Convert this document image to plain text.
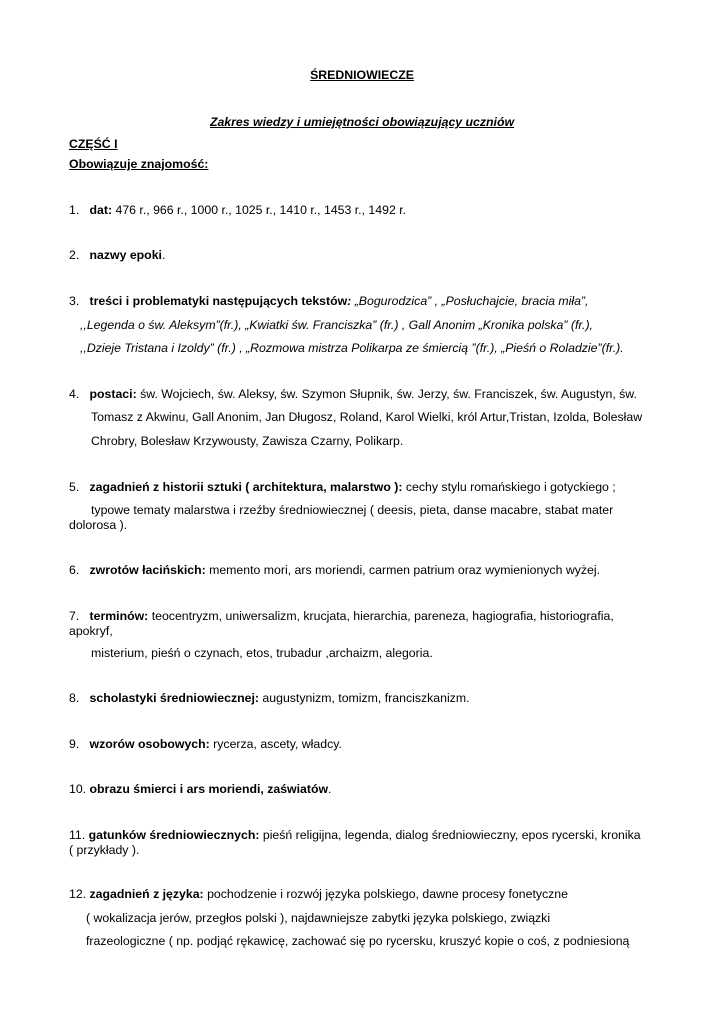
ŚREDNIOWIECZE
Zakres wiedzy i umiejętności obowiązujący uczniów
CZĘŚĆ I
Obowiązuje znajomość:
1. dat: 476 r., 966 r., 1000 r., 1025 r., 1410 r., 1453 r., 1492 r.
2. nazwy epoki.
3. treści i problematyki następujących tekstów: „Bogurodzica” , „Posłuchajcie, bracia miła”,
,,Legenda o św. Aleksym”(fr.), „Kwiatki św. Franciszka” (fr.) , Gall Anonim „Kronika polska” (fr.),
,,Dzieje Tristana i Izoldy” (fr.) , „Rozmowa mistrza Polikarpa ze śmiercią ”(fr.), „Pieśń o Roladzie”(fr.).
4. postaci: św. Wojciech, św. Aleksy, św. Szymon Słupnik, św. Jerzy, św. Franciszek, św. Augustyn, św.
Tomasz z Akwinu, Gall Anonim, Jan Długosz, Roland, Karol Wielki, król Artur,Tristan, Izolda, Bolesław
Chrobry, Bolesław Krzywousty, Zawisza Czarny, Polikarp.
5. zagadnień z historii sztuki ( architektura, malarstwo ): cechy stylu romańskiego i gotyckiego ;
typowe tematy malarstwa i rzeźby średniowiecznej ( deesis, pieta, danse macabre, stabat mater
dolorosa ).
6. zwrotów łacińskich: memento mori, ars moriendi, carmen patrium oraz wymienionych wyżej.
7. terminów: teocentryzm, uniwersalizm, krucjata, hierarchia, pareneza, hagiografia, historiografia,
apokryf,
misterium, pieśń o czynach, etos, trubadur ,archaizm, alegoria.
8. scholastyki średniowiecznej: augustynizm, tomizm, franciszkanizm.
9. wzorów osobowych: rycerza, ascety, władcy.
10. obrazu śmierci i ars moriendi, zaświatów.
11. gatunków średniowiecznych: pieśń religijna, legenda, dialog średniowieczny, epos rycerski, kronika
( przykłady ).
12. zagadnień z języka: pochodzenie i rozwój języka polskiego, dawne procesy fonetyczne
( wokalizacja jerów, przegłos polski ), najdawniejsze zabytki języka polskiego, związki
frazeologiczne ( np. podjąć rękawicę, zachować się po rycersku, kruszyć kopie o coś, z podniesioną
